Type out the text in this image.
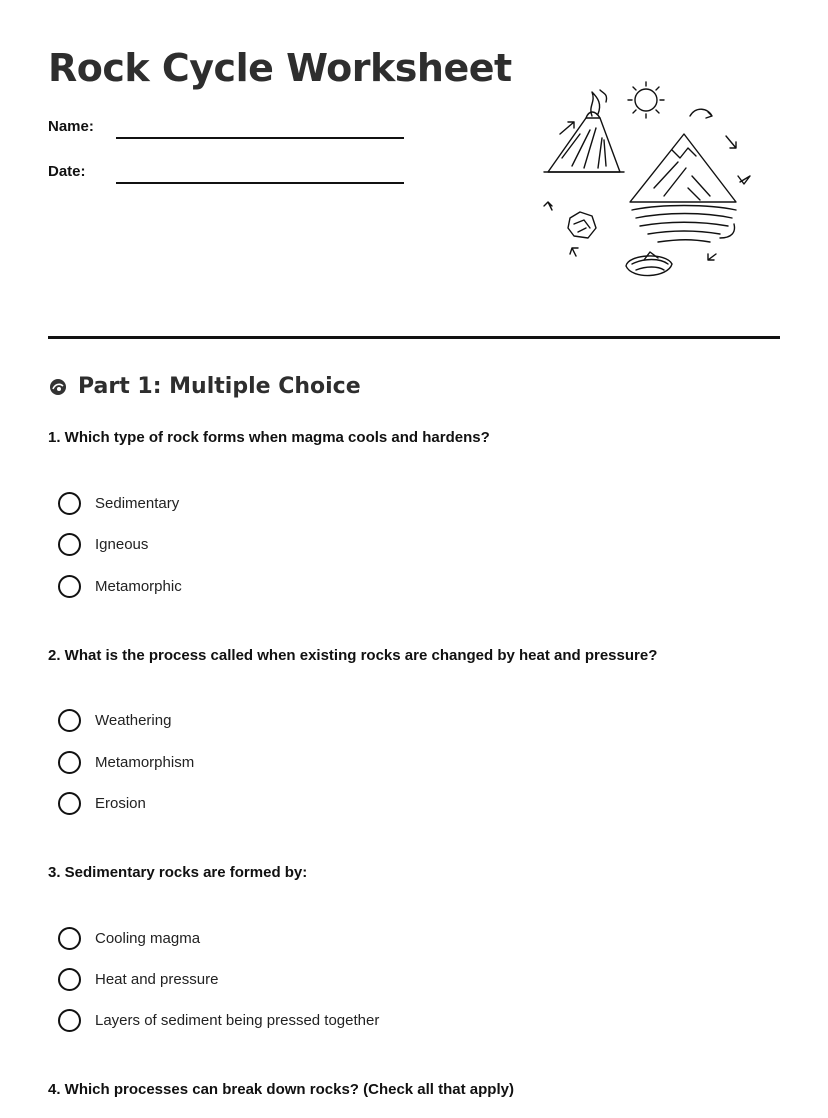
Rock Cycle Worksheet
Name:
Date:
Part 1: Multiple Choice

1. Which type of rock forms when magma cools and hardens?

Sedimentary
Igneous
Metamorphic

2. What is the process called when existing rocks are changed by heat and pressure?

Weathering
Metamorphism
Erosion

3. Sedimentary rocks are formed by:

Cooling magma
Heat and pressure
Layers of sediment being pressed together

4. Which processes can break down rocks? (Check all that apply)
